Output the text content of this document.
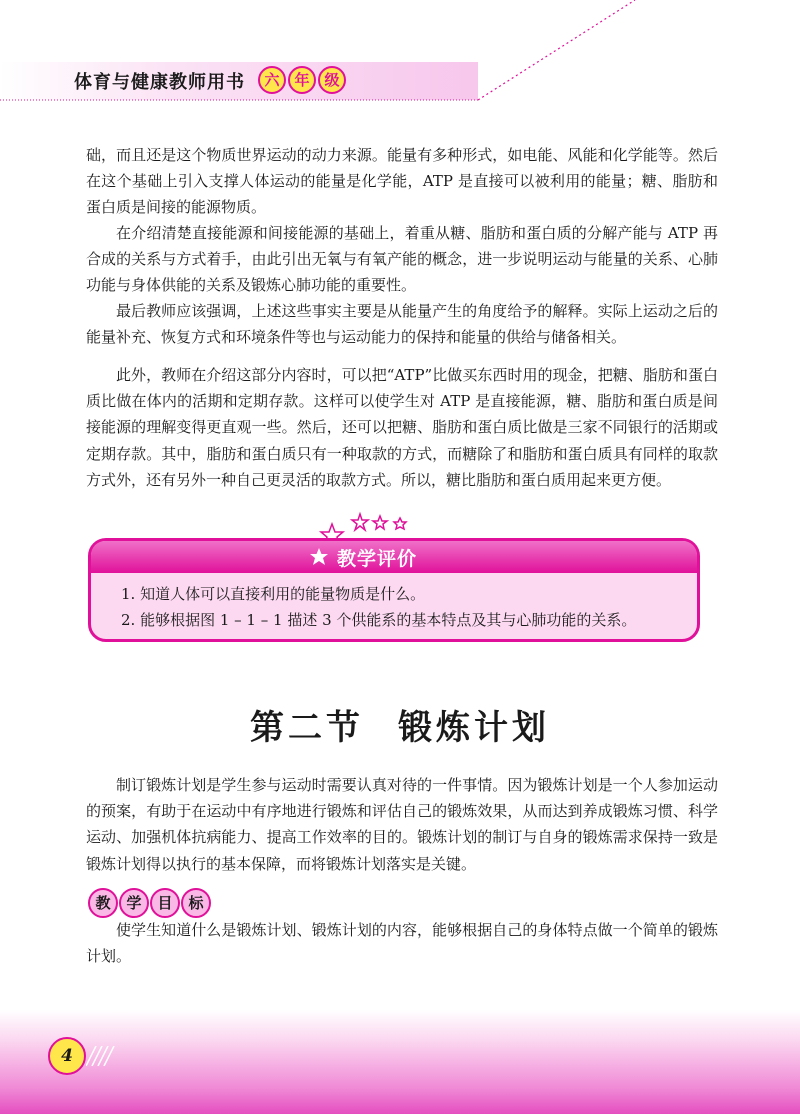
体育与健康教师用书	六 年 级

础，而且还是这个物质世界运动的动力来源。能量有多种形式，如电能、风能和化学能等。然后在这个基础上引入支撑人体运动的能量是化学能，ATP 是直接可以被利用的能量；糖、脂肪和蛋白质是间接的能源物质。

在介绍清楚直接能源和间接能源的基础上，着重从糖、脂肪和蛋白质的分解产能与 ATP 再合成的关系与方式着手，由此引出无氧与有氧产能的概念，进一步说明运动与能量的关系、心肺功能与身体供能的关系及锻炼心肺功能的重要性。

最后教师应该强调，上述这些事实主要是从能量产生的角度给予的解释。实际上运动之后的能量补充、恢复方式和环境条件等也与运动能力的保持和能量的供给与储备相关。

此外，教师在介绍这部分内容时，可以把“ATP”比做买东西时用的现金，把糖、脂肪和蛋白质比做在体内的活期和定期存款。这样可以使学生对 ATP 是直接能源，糖、脂肪和蛋白质是间接能源的理解变得更直观一些。然后，还可以把糖、脂肪和蛋白质比做是三家不同银行的活期或定期存款。其中，脂肪和蛋白质只有一种取款的方式，而糖除了和脂肪和蛋白质具有同样的取款方式外，还有另外一种自己更灵活的取款方式。所以，糖比脂肪和蛋白质用起来更方便。

教学评价
1. 知道人体可以直接利用的能量物质是什么。
2. 能够根据图 1 – 1 – 1 描述 3 个供能系的基本特点及其与心肺功能的关系。
第二节 锻炼计划

制订锻炼计划是学生参与运动时需要认真对待的一件事情。因为锻炼计划是一个人参加运动的预案，有助于在运动中有序地进行锻炼和评估自己的锻炼效果，从而达到养成锻炼习惯、科学运动、加强机体抗病能力、提高工作效率的目的。锻炼计划的制订与自身的锻炼需求保持一致是锻炼计划得以执行的基本保障，而将锻炼计划落实是关键。

教	学	目	标

使学生知道什么是锻炼计划、锻炼计划的内容，能够根据自己的身体特点做一个简单的锻炼计划。

4
